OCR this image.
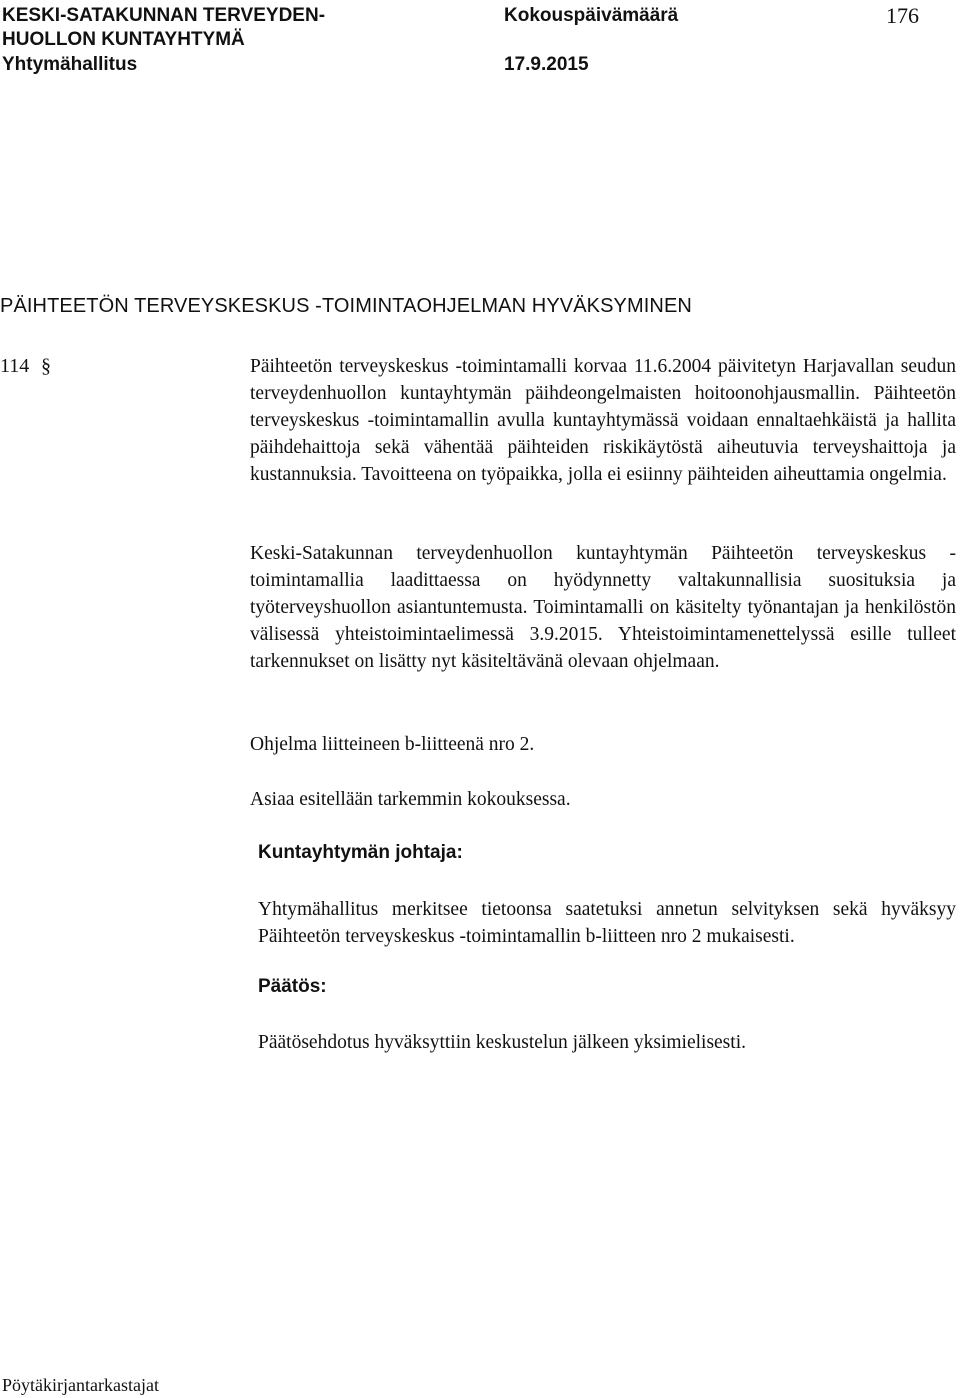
KESKI-SATAKUNNAN TERVEYDEN-
HUOLLON KUNTAYHTYMÄ
Yhtymähallitus
Kokouspäivämäärä
17.9.2015
176
PÄIHTEETÖN TERVEYSKESKUS -TOIMINTAOHJELMAN HYVÄKSYMINEN
114 §	Päihteetön terveyskeskus -toimintamalli korvaa 11.6.2004 päivitetyn Harjavallan seudun terveydenhuollon kuntayhtymän päihdeongelmaisten hoitoonohjausmallin. Päihteetön terveyskeskus -toimintamallin avulla kuntayhtymässä voidaan ennaltaehkäistä ja hallita päihdehaittoja sekä vähentää päihteiden riskikäytöstä aiheutuvia terveyshaittoja ja kustannuksia. Tavoitteena on työpaikka, jolla ei esiinny päihteiden aiheuttamia ongelmia.

Keski-Satakunnan terveydenhuollon kuntayhtymän Päihteetön terveyskeskus -toimintamallia laadittaessa on hyödynnetty valtakunnallisia suosituksia ja työterveyshuollon asiantuntemusta. Toimintamalli on käsitelty työnantajan ja henkilöstön välisessä yhteistoimintaelimessä 3.9.2015. Yhteistoimintamenettelyssä esille tulleet tarkennukset on lisätty nyt käsiteltävänä olevaan ohjelmaan.

Ohjelma liitteineen b-liitteenä nro 2.

Asiaa esitellään tarkemmin kokouksessa.

Kuntayhtymän johtaja:

Yhtymähallitus merkitsee tietoonsa saatetuksi annetun selvityksen sekä hyväksyy Päihteetön terveyskeskus -toimintamallin b-liitteen nro 2 mukaisesti.

Päätös:

Päätösehdotus hyväksyttiin keskustelun jälkeen yksimielisesti.

Pöytäkirjantarkastajat
